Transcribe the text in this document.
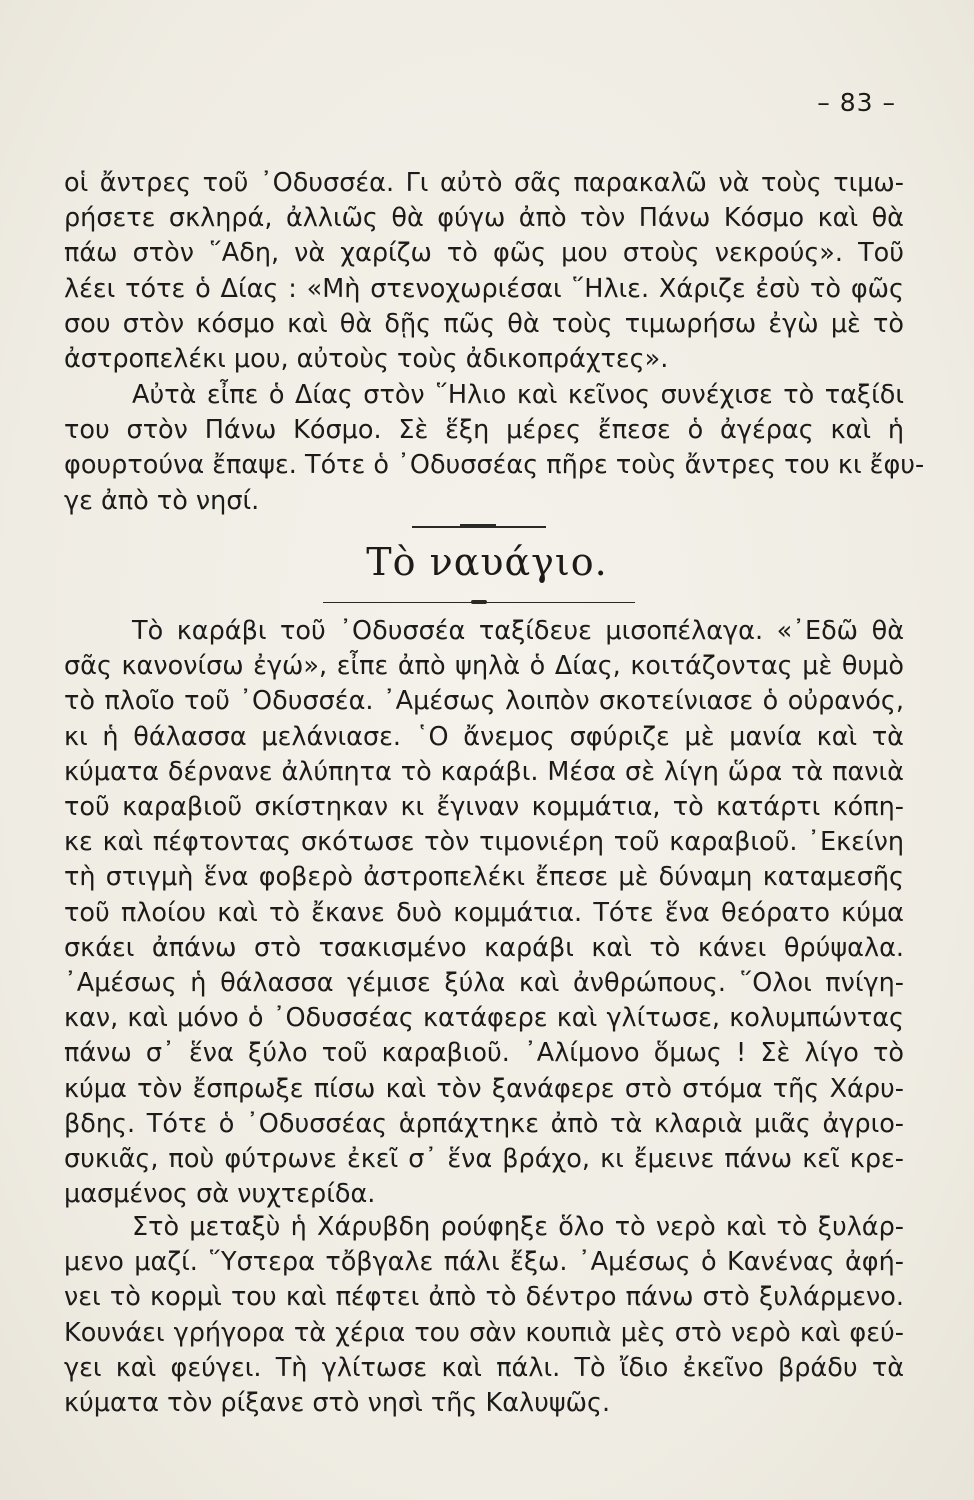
– 83 –
οἱ ἄντρες τοῦ ᾿Οδυσσέα. Γι αὐτὸ σᾶς παρακαλῶ νὰ τοὺς τιμω-
ρήσετε σκληρά, ἀλλιῶς θὰ φύγω ἀπὸ τὸν Πάνω Κόσμο καὶ θὰ
πάω στὸν ῞Αδη, νὰ χαρίζω τὸ φῶς μου στοὺς νεκρούς». Τοῦ
λέει τότε ὁ Δίας : «Μὴ στενοχωριέσαι ῞Ηλιε. Χάριζε ἐσὺ τὸ φῶς
σου στὸν κόσμο καὶ θὰ δῇς πῶς θὰ τοὺς τιμωρήσω ἐγὼ μὲ τὸ
ἀστροπελέκι μου, αὐτοὺς τοὺς ἀδικοπράχτες».
Αὐτὰ εἶπε ὁ Δίας στὸν ῞Ηλιο καὶ κεῖνος συνέχισε τὸ ταξίδι
του στὸν Πάνω Κόσμο. Σὲ ἕξη μέρες ἔπεσε ὁ ἀγέρας καὶ ἡ
φουρτούνα ἔπαψε. Τότε ὁ ᾿Οδυσσέας πῆρε τοὺς ἄντρες του κι ἔφυ-
γε ἀπὸ τὸ νησί.
Τὸ ναυάγιο.
Τὸ καράβι τοῦ ᾿Οδυσσέα ταξίδευε μισοπέλαγα. «᾿Εδῶ θὰ
σᾶς κανονίσω ἐγώ», εἶπε ἀπὸ ψηλὰ ὁ Δίας, κοιτάζοντας μὲ θυμὸ
τὸ πλοῖο τοῦ ᾿Οδυσσέα. ᾿Αμέσως λοιπὸν σκοτείνιασε ὁ οὐρανός,
κι ἡ θάλασσα μελάνιασε. ῾Ο ἄνεμος σφύριζε μὲ μανία καὶ τὰ
κύματα δέρνανε ἀλύπητα τὸ καράβι. Μέσα σὲ λίγη ὥρα τὰ πανιὰ
τοῦ καραβιοῦ σκίστηκαν κι ἔγιναν κομμάτια, τὸ κατάρτι κόπη-
κε καὶ πέφτοντας σκότωσε τὸν τιμονιέρη τοῦ καραβιοῦ. ᾿Εκείνη
τὴ στιγμὴ ἕνα φοβερὸ ἀστροπελέκι ἔπεσε μὲ δύναμη καταμεσῆς
τοῦ πλοίου καὶ τὸ ἔκανε δυὸ κομμάτια. Τότε ἕνα θεόρατο κύμα
σκάει ἀπάνω στὸ τσακισμένο καράβι καὶ τὸ κάνει θρύψαλα.
᾿Αμέσως ἡ θάλασσα γέμισε ξύλα καὶ ἀνθρώπους. ῞Ολοι πνίγη-
καν, καὶ μόνο ὁ ᾿Οδυσσέας κατάφερε καὶ γλίτωσε, κολυμπώντας
πάνω σ᾿ ἕνα ξύλο τοῦ καραβιοῦ. ᾿Αλίμονο ὅμως ! Σὲ λίγο τὸ
κύμα τὸν ἔσπρωξε πίσω καὶ τὸν ξανάφερε στὸ στόμα τῆς Χάρυ-
βδης. Τότε ὁ ᾿Οδυσσέας ἁρπάχτηκε ἀπὸ τὰ κλαριὰ μιᾶς ἀγριο-
συκιᾶς, ποὺ φύτρωνε ἐκεῖ σ᾿ ἕνα βράχο, κι ἔμεινε πάνω κεῖ κρε-
μασμένος σὰ νυχτερίδα.
Στὸ μεταξὺ ἡ Χάρυβδη ρούφηξε ὅλο τὸ νερὸ καὶ τὸ ξυλάρ-
μενο μαζί. ῞Υστερα τὄβγαλε πάλι ἔξω. ᾿Αμέσως ὁ Κανένας ἀφή-
νει τὸ κορμὶ του καὶ πέφτει ἀπὸ τὸ δέντρο πάνω στὸ ξυλάρμενο.
Κουνάει γρήγορα τὰ χέρια του σὰν κουπιὰ μὲς στὸ νερὸ καὶ φεύ-
γει καὶ φεύγει. Τὴ γλίτωσε καὶ πάλι. Τὸ ἴδιο ἐκεῖνο βράδυ τὰ
κύματα τὸν ρίξανε στὸ νησὶ τῆς Καλυψῶς.
